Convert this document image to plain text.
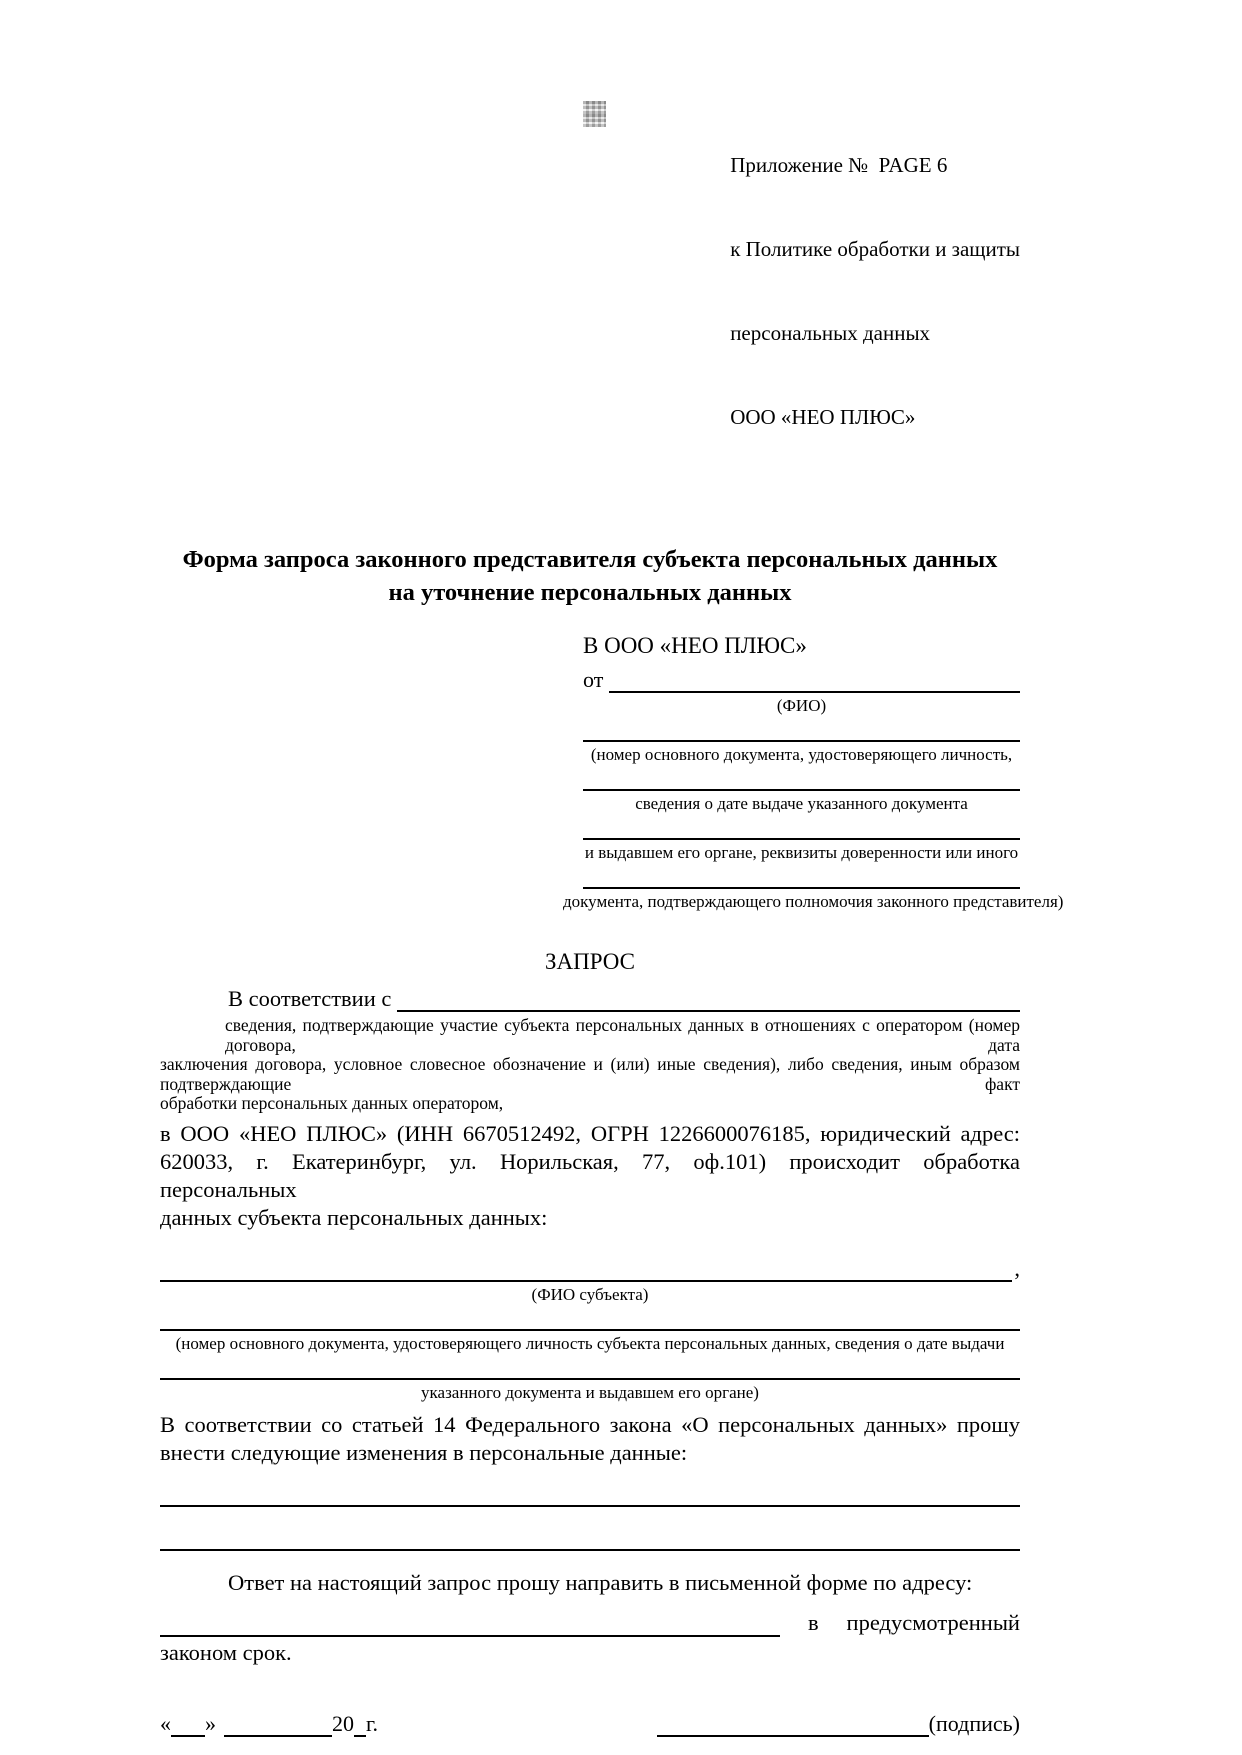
Приложение №  PAGE 6

к Политике обработки и защиты

персональных данных

ООО «НЕО ПЛЮС»

Форма запроса законного представителя субъекта персональных данных
на уточнение персональных данных
В ООО «НЕО ПЛЮС»
от
(ФИО)
(номер основного документа, удостоверяющего личность,
сведения о дате выдаче указанного документа
и выдавшем его органе, реквизиты доверенности или иного
документа, подтверждающего полномочия законного представителя)
ЗАПРОС
В соответствии с
сведения, подтверждающие участие субъекта персональных данных в отношениях с оператором (номер договора, дата
заключения договора, условное словесное обозначение и (или) иные сведения), либо сведения, иным образом подтверждающие факт
обработки персональных данных оператором,
в ООО «НЕО ПЛЮС» (ИНН 6670512492, ОГРН 1226600076185, юридический адрес:
620033, г. Екатеринбург, ул. Норильская, 77, оф.101) происходит обработка персональных
данных субъекта персональных данных:
,
(ФИО субъекта)
(номер основного документа, удостоверяющего личность субъекта персональных данных, сведения о дате выдачи
указанного документа и выдавшем его органе)
В соответствии со статьей 14 Федерального закона «О персональных данных» прошу
внести следующие изменения в персональные данные:
Ответ на настоящий запрос прошу направить в письменной форме по адресу:
в предусмотренный
законом срок.
« »	20 г.	(подпись)
